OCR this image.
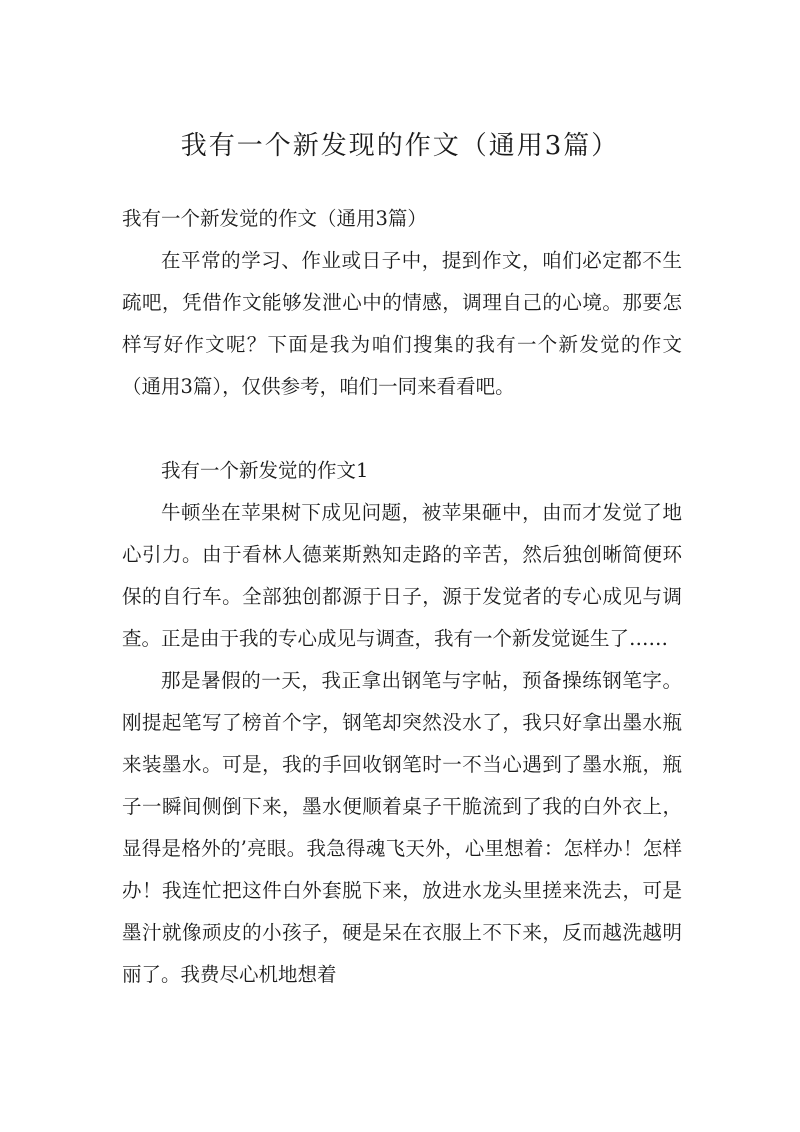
我有一个新发现的作文（通用3篇）

我有一个新发觉的作文（通用3篇）

在平常的学习、作业或日子中，提到作文，咱们必定都不生疏吧，凭借作文能够发泄心中的情感，调理自己的心境。那要怎样写好作文呢？下面是我为咱们搜集的我有一个新发觉的作文（通用3篇），仅供参考，咱们一同来看看吧。

我有一个新发觉的作文1

牛顿坐在苹果树下成见问题，被苹果砸中，由而才发觉了地心引力。由于看林人德莱斯熟知走路的辛苦，然后独创晰简便环保的自行车。全部独创都源于日子，源于发觉者的专心成见与调查。正是由于我的专心成见与调查，我有一个新发觉诞生了……

那是暑假的一天，我正拿出钢笔与字帖，预备操练钢笔字。刚提起笔写了榜首个字，钢笔却突然没水了，我只好拿出墨水瓶来装墨水。可是，我的手回收钢笔时一不当心遇到了墨水瓶，瓶子一瞬间侧倒下来，墨水便顺着桌子干脆流到了我的白外衣上，显得是格外的’亮眼。我急得魂飞天外，心里想着：怎样办！怎样办！我连忙把这件白外套脱下来，放进水龙头里搓来洗去，可是墨汁就像顽皮的小孩子，硬是呆在衣服上不下来，反而越洗越明丽了。我费尽心机地想着
